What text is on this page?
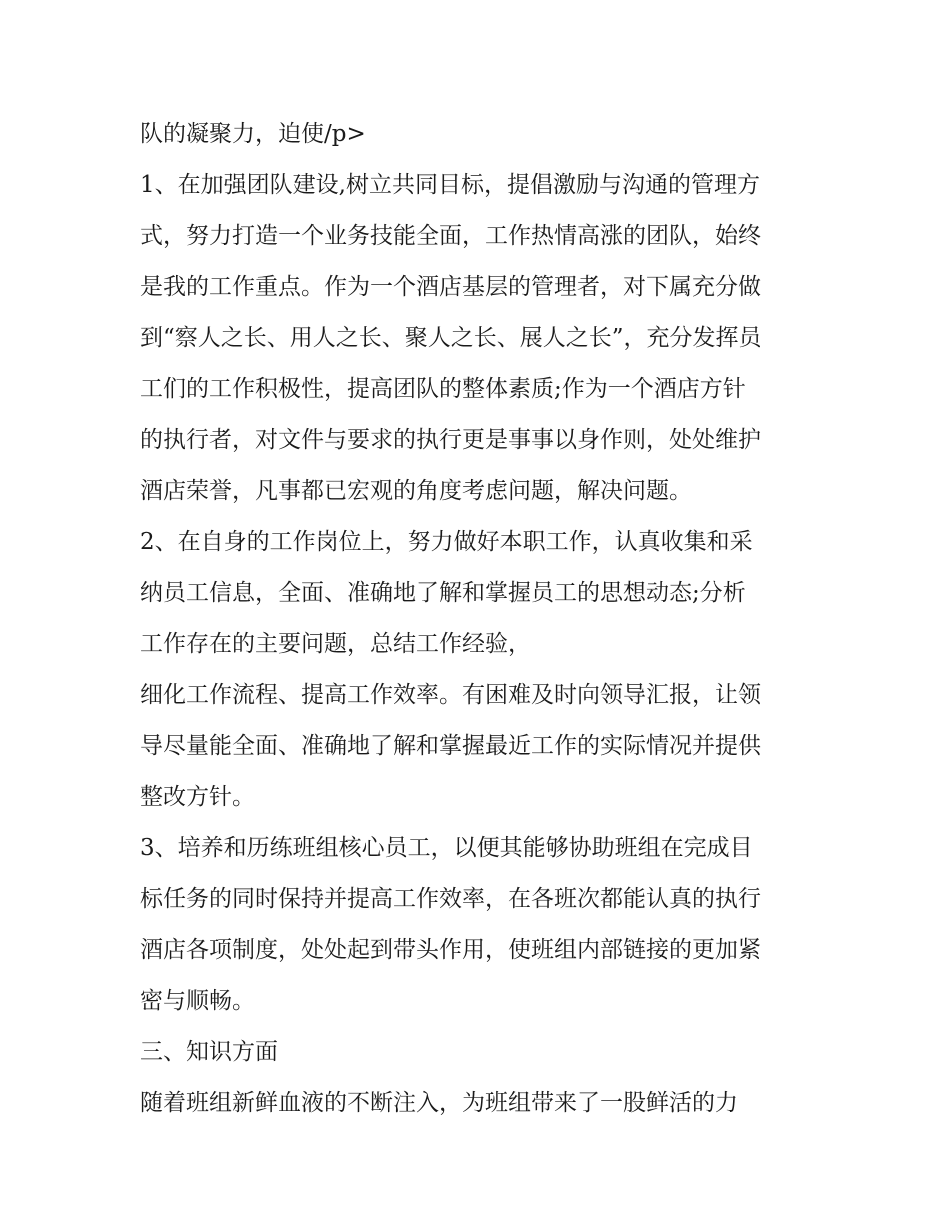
队的凝聚力，迫使/p>
1、在加强团队建设,树立共同目标，提倡激励与沟通的管理方
式，努力打造一个业务技能全面，工作热情高涨的团队，始终
是我的工作重点。作为一个酒店基层的管理者，对下属充分做
到“察人之长、用人之长、聚人之长、展人之长”，充分发挥员
工们的工作积极性，提高团队的整体素质;作为一个酒店方针
的执行者，对文件与要求的执行更是事事以身作则，处处维护
酒店荣誉，凡事都已宏观的角度考虑问题，解决问题。
2、在自身的工作岗位上，努力做好本职工作，认真收集和采
纳员工信息，全面、准确地了解和掌握员工的思想动态;分析
工作存在的主要问题，总结工作经验，
细化工作流程、提高工作效率。有困难及时向领导汇报，让领
导尽量能全面、准确地了解和掌握最近工作的实际情况并提供
整改方针。
3、培养和历练班组核心员工，以便其能够协助班组在完成目
标任务的同时保持并提高工作效率，在各班次都能认真的执行
酒店各项制度，处处起到带头作用，使班组内部链接的更加紧
密与顺畅。
三、知识方面
随着班组新鲜血液的不断注入，为班组带来了一股鲜活的力
